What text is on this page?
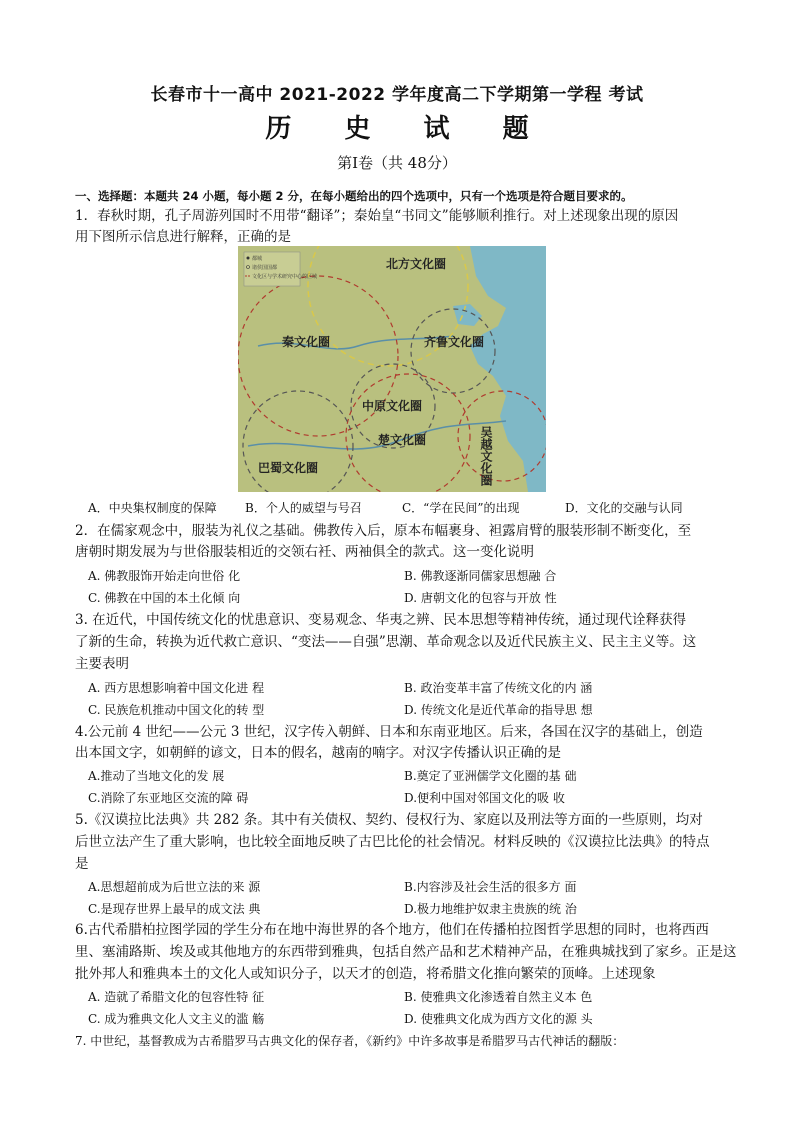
长春市十一高中 2021-2022 学年度高二下学期第一学程 考试
历 史 试 题
第Ⅰ卷（共 48分）
一、选择题：本题共 24 小题，每小题 2 分，在每小题给出的四个选项中，只有一个选项是符合题目要求的。
1．春秋时期，孔子周游列国时不用带“翻译”；秦始皇“书同文”能够顺利推行。对上述现象出现的原因
用下图所示信息进行解释，正确的是
都城
诸侯国国都
文化区与学术研究中心的区域
北方文化圈
秦文化圈	齐鲁文化圈
中原文化圈
楚文化圈
巴蜀文化圈	吴越文化圈
A．中央集权制度的保障 B．个人的威望与号召	C．“学在民间”的出现	D．文化的交融与认同
2．在儒家观念中，服装为礼仪之基础。佛教传入后，原本布幅裹身、袒露肩臂的服装形制不断变化，至
唐朝时期发展为与世俗服装相近的交领右衽、两袖俱全的款式。这一变化说明
A. 佛教服饰开始走向世俗 化	B. 佛教逐渐同儒家思想融 合
C. 佛教在中国的本土化倾 向	D. 唐朝文化的包容与开放 性
3. 在近代，中国传统文化的忧患意识、变易观念、华夷之辨、民本思想等精神传统，通过现代诠释获得
了新的生命，转换为近代救亡意识、“变法——自强”思潮、革命观念以及近代民族主义、民主主义等。这
主要表明
A. 西方思想影响着中国文化进 程	B. 政治变革丰富了传统文化的内 涵
C. 民族危机推动中国文化的转 型	D. 传统文化是近代革命的指导思 想
4.公元前 4 世纪——公元 3 世纪，汉字传入朝鲜、日本和东南亚地区。后来，各国在汉字的基础上，创造
出本国文字，如朝鲜的谚文，日本的假名，越南的喃字。对汉字传播认识正确的是
A.推动了当地文化的发 展	B.奠定了亚洲儒学文化圈的基 础
C.消除了东亚地区交流的障 碍	D.便利中国对邻国文化的吸 收
5.《汉谟拉比法典》共 282 条。其中有关债权、契约、侵权行为、家庭以及刑法等方面的一些原则，均对
后世立法产生了重大影响，也比较全面地反映了古巴比伦的社会情况。材料反映的《汉谟拉比法典》的特点
是
A.思想超前成为后世立法的来 源	B.内容涉及社会生活的很多方 面
C.是现存世界上最早的成文法 典	D.极力地维护奴隶主贵族的统 治
6.古代希腊柏拉图学园的学生分布在地中海世界的各个地方，他们在传播柏拉图哲学思想的同时，也将西西
里、塞浦路斯、埃及或其他地方的东西带到雅典，包括自然产品和艺术精神产品，在雅典城找到了家乡。正是这
批外邦人和雅典本土的文化人或知识分子，以天才的创造，将希腊文化推向繁荣的顶峰。上述现象
A. 造就了希腊文化的包容性特 征	B. 使雅典文化渗透着自然主义本 色
C. 成为雅典文化人文主义的滥 觞	D. 使雅典文化成为西方文化的源 头
7. 中世纪，基督教成为古希腊罗马古典文化的保存者，《新约》中许多故事是希腊罗马古代神话的翻版：
